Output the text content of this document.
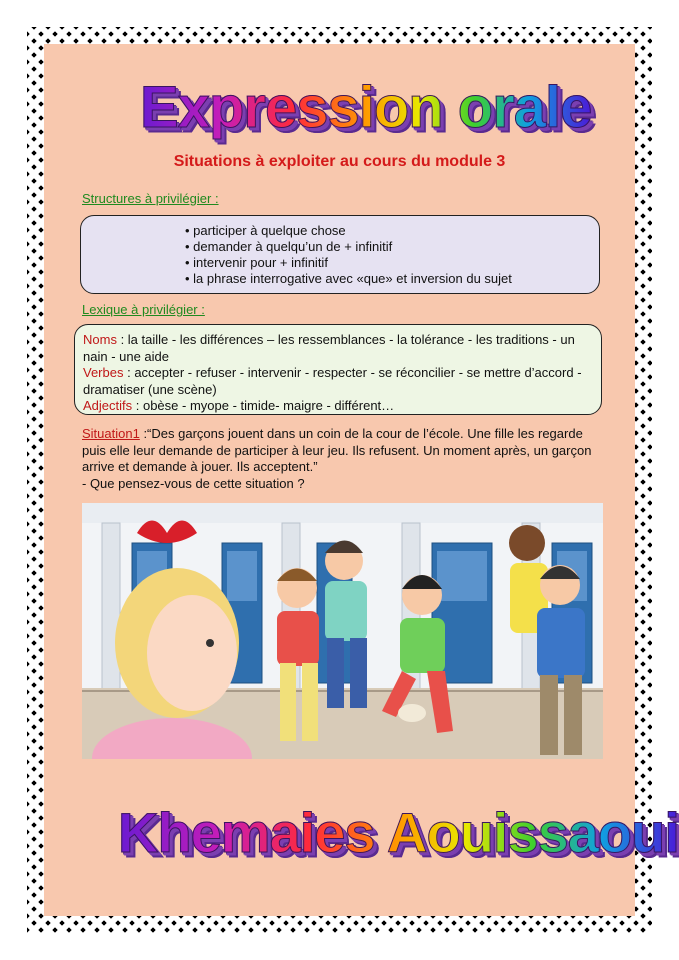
Expression orale
Situations à exploiter au cours du module 3
Structures à privilégier :
• participer à quelque chose
• demander à quelqu’un de + infinitif
• intervenir pour + infinitif
• la phrase interrogative avec «que» et inversion du sujet
Lexique à privilégier :
Noms : la taille - les différences – les ressemblances - la tolérance - les traditions - un nain - une aide
Verbes : accepter - refuser - intervenir - respecter - se réconcilier - se mettre d’accord - dramatiser (une scène)
Adjectifs : obèse - myope - timide- maigre - différent…
Situation1 :“Des garçons jouent dans un coin de la cour de l’école. Une fille les regarde puis elle leur demande de participer à leur jeu. Ils refusent. Un moment après, un garçon arrive et demande à jouer. Ils acceptent.”
- Que pensez-vous de cette situation ?
Khemaies Aouissaoui
